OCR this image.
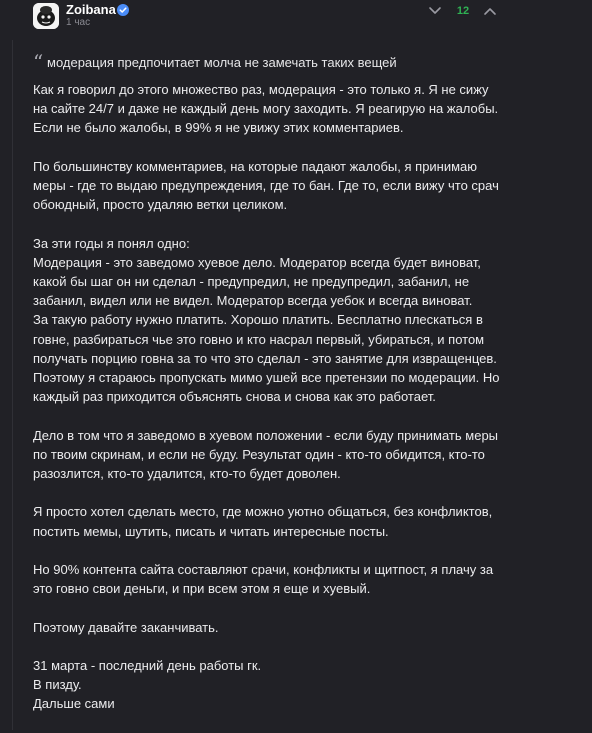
Zoibana
1 час
12
“ модерация предпочитает молча не замечать таких вещей
Как я говорил до этого множество раз, модерация - это только я. Я не сижу
на сайте 24/7 и даже не каждый день могу заходить. Я реагирую на жалобы.
Если не было жалобы, в 99% я не увижу этих комментариев.
По большинству комментариев, на которые падают жалобы, я принимаю
меры - где то выдаю предупреждения, где то бан. Где то, если вижу что срач
обоюдный, просто удаляю ветки целиком.
За эти годы я понял одно:
Модерация - это заведомо хуевое дело. Модератор всегда будет виноват,
какой бы шаг он ни сделал - предупредил, не предупредил, забанил, не
забанил, видел или не видел. Модератор всегда уебок и всегда виноват.
За такую работу нужно платить. Хорошо платить. Бесплатно плескаться в
говне, разбираться чье это говно и кто насрал первый, убираться, и потом
получать порцию говна за то что это сделал - это занятие для извращенцев.
Поэтому я стараюсь пропускать мимо ушей все претензии по модерации. Но
каждый раз приходится объяснять снова и снова как это работает.
Дело в том что я заведомо в хуевом положении - если буду принимать меры
по твоим скринам, и если не буду. Результат один - кто-то обидится, кто-то
разозлится, кто-то удалится, кто-то будет доволен.
Я просто хотел сделать место, где можно уютно общаться, без конфликтов,
постить мемы, шутить, писать и читать интересные посты.
Но 90% контента сайта составляют срачи, конфликты и щитпост, я плачу за
это говно свои деньги, и при всем этом я еще и хуевый.
Поэтому давайте заканчивать.
31 марта - последний день работы гк.
В пизду.
Дальше сами
